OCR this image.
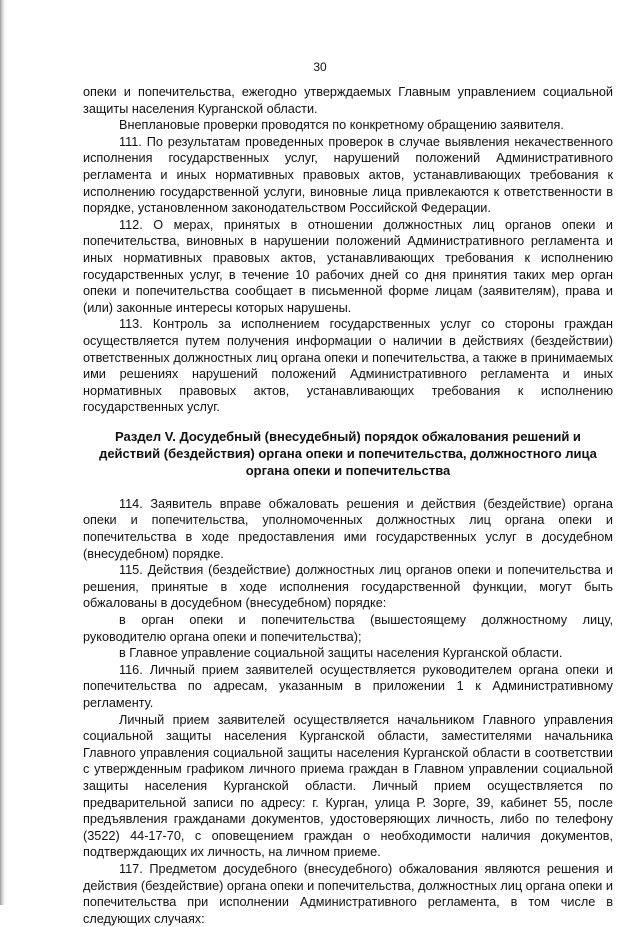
30

опеки и попечительства, ежегодно утверждаемых Главным управлением социальной защиты населения Курганской области.

Внеплановые проверки проводятся по конкретному обращению заявителя.

111. По результатам проведенных проверок в случае выявления некачественного исполнения государственных услуг, нарушений положений Административного регламента и иных нормативных правовых актов, устанавливающих требования к исполнению государственной услуги, виновные лица привлекаются к ответственности в порядке, установленном законодательством Российской Федерации.

112. О мерах, принятых в отношении должностных лиц органов опеки и попечительства, виновных в нарушении положений Административного регламента и иных нормативных правовых актов, устанавливающих требования к исполнению государственных услуг, в течение 10 рабочих дней со дня принятия таких мер орган опеки и попечительства сообщает в письменной форме лицам (заявителям), права и (или) законные интересы которых нарушены.

113. Контроль за исполнением государственных услуг со стороны граждан осуществляется путем получения информации о наличии в действиях (бездействии) ответственных должностных лиц органа опеки и попечительства, а также в принимаемых ими решениях нарушений положений Административного регламента и иных нормативных правовых актов, устанавливающих требования к исполнению государственных услуг.

Раздел V. Досудебный (внесудебный) порядок обжалования решений и действий (бездействия) органа опеки и попечительства, должностного лица органа опеки и попечительства

114. Заявитель вправе обжаловать решения и действия (бездействие) органа опеки и попечительства, уполномоченных должностных лиц органа опеки и попечительства в ходе предоставления ими государственных услуг в досудебном (внесудебном) порядке.

115. Действия (бездействие) должностных лиц органов опеки и попечительства и решения, принятые в ходе исполнения государственной функции, могут быть обжалованы в досудебном (внесудебном) порядке:

в орган опеки и попечительства (вышестоящему должностному лицу, руководителю органа опеки и попечительства);

в Главное управление социальной защиты населения Курганской области.

116. Личный прием заявителей осуществляется руководителем органа опеки и попечительства по адресам, указанным в приложении 1 к Административному регламенту.

Личный прием заявителей осуществляется начальником Главного управления социальной защиты населения Курганской области, заместителями начальника Главного управления социальной защиты населения Курганской области в соответствии с утвержденным графиком личного приема граждан в Главном управлении социальной защиты населения Курганской области. Личный прием осуществляется по предварительной записи по адресу: г. Курган, улица Р. Зорге, 39, кабинет 55, после предъявления гражданами документов, удостоверяющих личность, либо по телефону (3522) 44-17-70, с оповещением граждан о необходимости наличия документов, подтверждающих их личность, на личном приеме.

117. Предметом досудебного (внесудебного) обжалования являются решения и действия (бездействие) органа опеки и попечительства, должностных лиц органа опеки и попечительства при исполнении Административного регламента, в том числе в следующих случаях:
